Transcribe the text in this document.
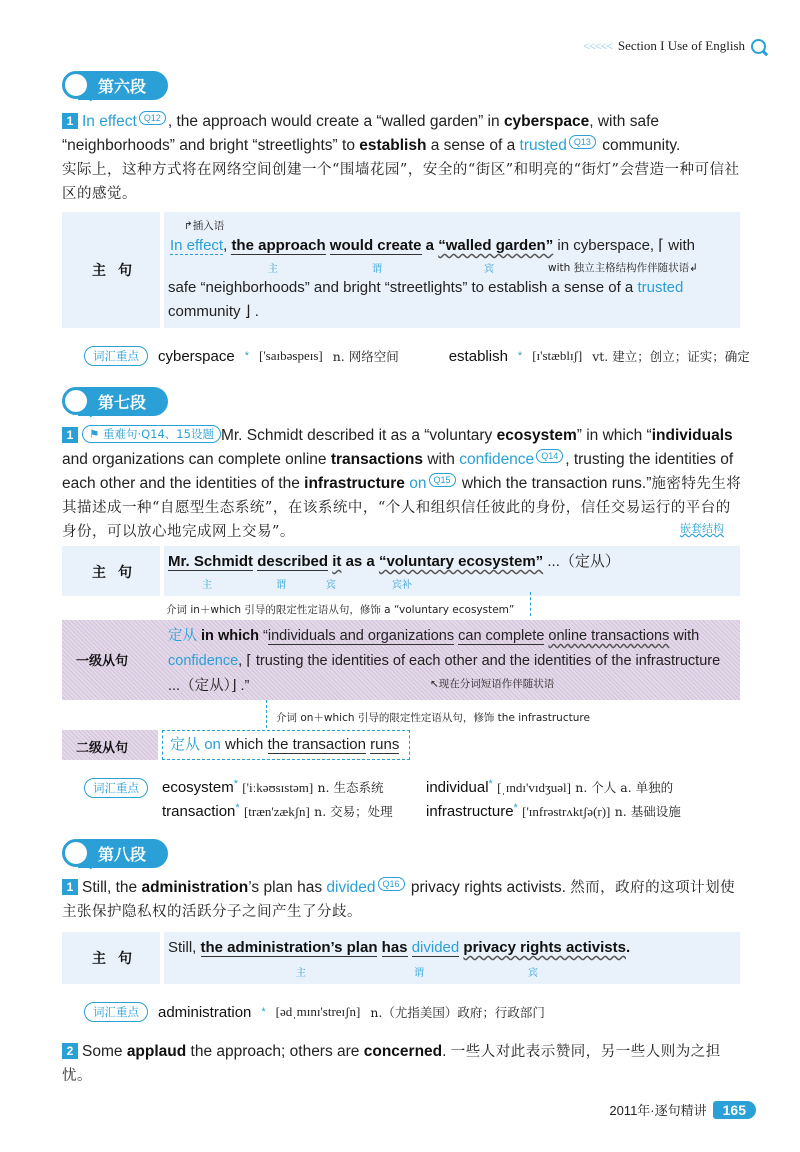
<<<<< Section I Use of English
第六段
1 In effect Q12 , the approach would create a “walled garden” in cyberspace, with safe “neighborhoods” and bright “streetlights” to establish a sense of a trusted Q13 community.
实际上，这种方式将在网络空间创建一个“围墙花园”，安全的“街区”和明亮的“街灯”会营造一种可信社区的感觉。
主句
↱插入语
In effect, the approach would create a “walled garden” in cyberspace, ⌈ with
主	谓	宾	with 独立主格结构作伴随状语↲
safe “neighborhoods” and bright “streetlights” to establish a sense of a trusted
community ⌋ .
词汇重点	cyberspace * ['saɪbəspeɪs] n. 网络空间	establish * [ɪ'stæblɪʃ] vt. 建立；创立；证实；确定
第七段
1 ⚑ 重难句·Q14、15设题 Mr. Schmidt described it as a “voluntary ecosystem” in which “individuals and organizations can complete online transactions with confidence Q14 , trusting the identities of each other and the identities of the infrastructure on Q15 which the transaction runs.”施密特先生将其描述成一种“自愿型生态系统”，在该系统中，“个人和组织信任彼此的身份，信任交易运行的平台的身份，可以放心地完成网上交易”。	嵌套结构
主句
Mr. Schmidt described it as a “voluntary ecosystem” ...（定从）
主	谓	宾	宾补
介词 in＋which 引导的限定性定语从句，修饰 a “voluntary ecosystem”
一级从句
定从 in which “individuals and organizations can complete online transactions with confidence, ⌈ trusting the identities of each other and the identities of the infrastructure ...（定从）⌋ .”	↖现在分词短语作伴随状语
介词 on＋which 引导的限定性定语从句，修饰 the infrastructure
二级从句	定从 on which the transaction runs
词汇重点	ecosystem* ['iːkəʊsɪstəm] n. 生态系统	individual* [ˌɪndɪ'vɪdʒuəl] n. 个人 a. 单独的
transaction* [træn'zækʃn] n. 交易；处理 infrastructure* ['ɪnfrəstrʌktʃə(r)] n. 基础设施
第八段
1 Still, the administration’s plan has divided Q16 privacy rights activists. 然而，政府的这项计划使主张保护隐私权的活跃分子之间产生了分歧。
主句
Still, the administration’s plan has divided privacy rights activists.
主	谓	宾
词汇重点	administration * [ədˌmɪnɪ'streɪʃn] n.（尤指美国）政府；行政部门
2 Some applaud the approach; others are concerned. 一些人对此表示赞同，另一些人则为之担忧。
2011年·逐句精讲	165
